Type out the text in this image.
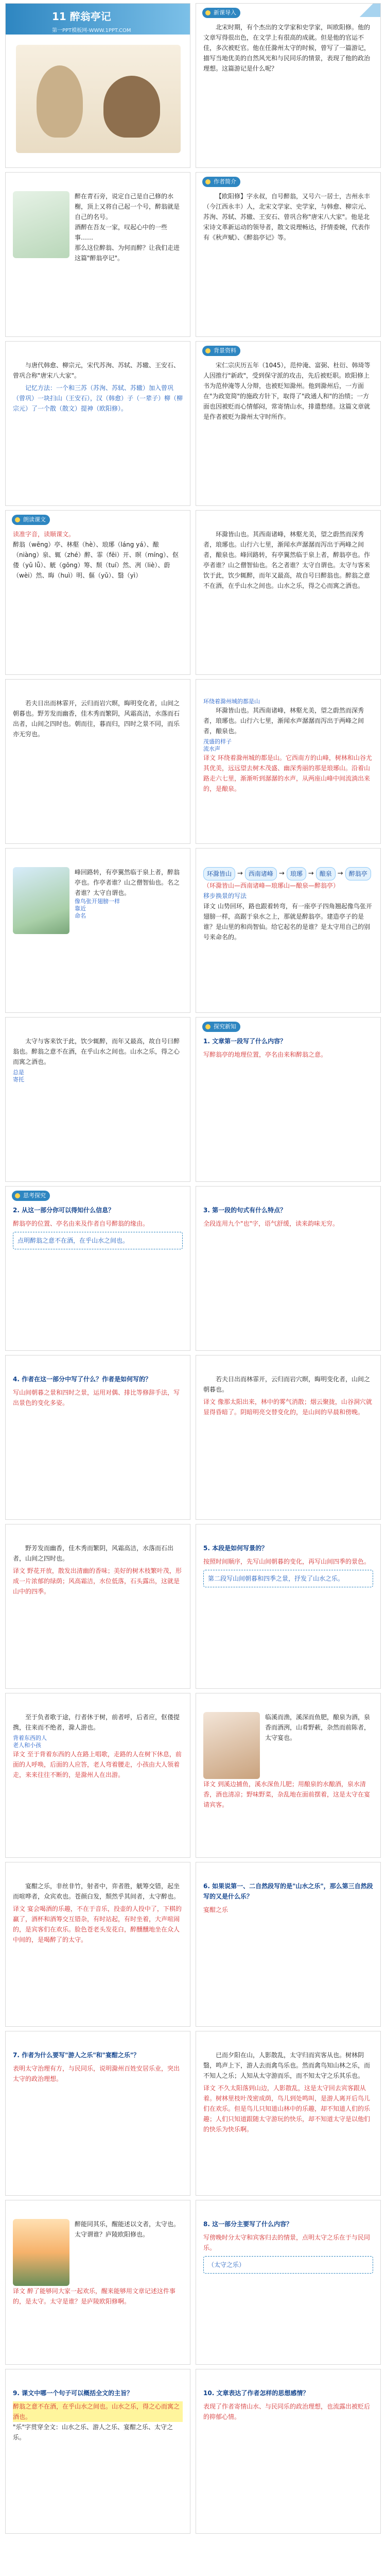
11 醉翁亭记
第一PPT模板网-WWW.1PPT.COM
新课导入

北宋时期，有个杰出的文学家和史学家，叫欧阳修。他的文章写得很出色，在文学上有很高的成就。但是他的官运不佳，多次被贬官。他在任滁州太守的时候，曾写了一篇游记，描写当地优美的自然风光和与民同乐的情景，表现了他的政治理想。这篇游记是什么呢？

醉在青石旁，说定自己是自己修的水榭，顶上又将自己起一个号，醉翁就是自己的名号。

酒醉在吾友一家，叹起心中的一些事……

那么这位醉翁、为何而醉？让我们走进这篇"醉翁亭记"。

作者简介

【欧阳修】字永叔，自号醉翁，又号六一居士，吉州永丰（今江西永丰）人，北宋文学家、史学家，与韩愈、柳宗元、苏洵、苏轼、苏辙、王安石、曾巩合称"唐宋八大家"。他是北宋诗文革新运动的领导者，散文说理畅达，抒情委婉，代表作有《秋声赋》、《醉翁亭记》等。

与唐代韩愈、柳宗元，宋代苏洵、苏轼、苏辙、王安石、曾巩合称"唐宋八大家"。

记忆方法：一个和三苏（苏洵、苏轼、苏辙）加入曾巩（曾巩）一块扫山（王安石），汉（韩愈）子（一辈子）柳（柳宗元）了一个散（散文）提神（欧阳修）。

背景资料

宋仁宗庆历五年（1045），范仲淹、富弼、杜衍、韩琦等人因推行"新政"，受到保守派的攻击，先后被贬职。欧阳修上书为范仲淹等人分辩，也被贬知滁州。他到滁州后，一方面在"为政宽简"的施政方针下，取得了"政通人和"的治绩；一方面也因被贬而心情郁闷，常寄情山水，排遣愁绪。这篇文章就是作者被贬为滁州太守时所作。

朗读课文

读准字音，读顺课文。

醉翁（wēng）亭、林壑（hè）、琅琊（láng yá）、酿（niàng）泉、辄（zhé）醉、霏（fēi）开、暝（míng）、伛偻（yǔ lǚ）、觥（gōng）筹、颓（tuí）然、冽（liè）、蔚（wèi）然、晦（huì）明、傴（yǔ）、翳（yì）

环滁皆山也。其西南诸峰，林壑尤美，望之蔚然而深秀者，琅琊也。山行六七里，渐闻水声潺潺而泻出于两峰之间者，酿泉也。峰回路转，有亭翼然临于泉上者，醉翁亭也。作亭者谁？山之僧智仙也。名之者谁？太守自谓也。太守与客来饮于此，饮少辄醉，而年又最高，故自号曰醉翁也。醉翁之意不在酒，在乎山水之间也。山水之乐，得之心而寓之酒也。

若夫日出而林霏开，云归而岩穴暝，晦明变化者，山间之朝暮也。野芳发而幽香，佳木秀而繁阴，风霜高洁，水落而石出者，山间之四时也。朝而往，暮而归，四时之景不同，而乐亦无穷也。

环绕着滁州城的都是山

环滁皆山也。其西南诸峰，林壑尤美，望之蔚然而深秀者，琅琊也。山行六七里，渐闻水声潺潺而泻出于两峰之间者，酿泉也。

茂盛的样子

流水声

译文 环绕着滁州城的都是山。它西南方的山峰，树林和山谷尤其优美，远远望去树木茂盛、幽深秀丽的那是琅琊山。沿着山路走六七里，渐渐听到潺潺的水声，从两座山峰中间流淌出来的，是酿泉。

峰回路转，有亭翼然临于泉上者，醉翁亭也。作亭者谁？山之僧智仙也。名之者谁？太守自谓也。

像鸟张开翅膀一样

靠近

命名

环滁皆山 → 西南诸峰 → 琅琊 → 酿泉 → 醉翁亭

（环滁皆山—西南诸峰—琅琊山—酿泉—醉翁亭）

移步换景的写法

译文 山势回环，路也跟着转弯，有一座亭子四角翘起像鸟张开翅膀一样，高踞于泉水之上，那就是醉翁亭。建造亭子的是谁？是山里的和尚智仙。给它起名的是谁？是太守用自己的别号来命名的。

太守与客来饮于此，饮少辄醉，而年又最高，故自号曰醉翁也。醉翁之意不在酒，在乎山水之间也。山水之乐，得之心而寓之酒也。

总是

寄托

探究新知

1. 文章第一段写了什么内容？

写醉翁亭的地理位置，亭名由来和醉翁之意。

思考探究

2. 从这一部分你可以得知什么信息？

醉翁亭的位置、亭名由来及作者自号醉翁的缘由。

点明醉翁之意不在酒，在乎山水之间也。

3. 第一段的句式有什么特点？

全段连用九个"也"字，语气舒缓，读来韵味无穷。

4. 作者在这一部分中写了什么？作者是如何写的？

写山间朝暮之景和四时之景，运用对偶、排比等修辞手法，写出景色的变化多姿。

若夫日出而林霏开，云归而岩穴暝，晦明变化者，山间之朝暮也。

译文 像那太阳出来，林中的雾气消散；烟云聚拢，山谷洞穴就显得昏暗了。阴暗明亮交替变化的，是山间的早晨和傍晚。

野芳发而幽香，佳木秀而繁阴，风霜高洁，水落而石出者，山间之四时也。

译文 野花开放，散发出清幽的香味；美好的树木枝繁叶茂，形成一片浓郁的绿荫；风高霜洁，水位低落，石头露出，这就是山中的四季。

5. 本段是如何写景的？

按照时间顺序，先写山间朝暮的变化，再写山间四季的景色。

第二段写山间朝暮和四季之景，抒发了山水之乐。

至于负者歌于途，行者休于树，前者呼，后者应，伛偻提携，往来而不绝者，滁人游也。

背着东西的人

老人和小孩

译文 至于背着东西的人在路上唱歌，走路的人在树下休息，前面的人呼唤，后面的人应答，老人弯着腰走，小孩由大人领着走，来来往往不断的，是滁州人在出游。

临溪而渔，溪深而鱼肥，酿泉为酒，泉香而酒洌，山肴野蔌，杂然而前陈者，太守宴也。

译文 到溪边捕鱼，溪水深鱼儿肥；用酿泉的水酿酒，泉水清香，酒也清凉；野味野菜，杂乱地在面前摆着，这是太守在宴请宾客。

宴酣之乐，非丝非竹，射者中，弈者胜，觥筹交错，起坐而喧哗者，众宾欢也。苍颜白发，颓然乎其间者，太守醉也。

译文 宴会喝酒的乐趣，不在于音乐，投壶的人投中了，下棋的赢了，酒杯和酒筹交互错杂，有时站起，有时坐着，大声喧闹的，是宾客们在欢乐。脸色苍老头发花白，醉醺醺地坐在众人中间的，是喝醉了的太守。

6. 如果说第一、二自然段写的是"山水之乐"，那么第三自然段写的又是什么乐？

宴酣之乐

7. 作者为什么要写"游人之乐"和"宴酣之乐"？

表明太守治理有方，与民同乐，说明滁州百姓安居乐业，突出太守的政治理想。

已而夕阳在山，人影散乱，太守归而宾客从也。树林阴翳，鸣声上下，游人去而禽鸟乐也。然而禽鸟知山林之乐，而不知人之乐；人知从太守游而乐，而不知太守之乐其乐也。

译文 不久太阳落到山边，人影散乱，这是太守回去宾客跟从着。树林里枝叶茂密成荫，鸟儿到处鸣叫，是游人离开后鸟儿们在欢乐。但是鸟儿只知道山林中的乐趣，却不知道人们的乐趣；人们只知道跟随太守游玩的快乐，却不知道太守是以他们的快乐为快乐啊。

醉能同其乐，醒能述以文者，太守也。太守谓谁？庐陵欧阳修也。

译文 醉了能够同大家一起欢乐，醒来能够用文章记述这件事的，是太守。太守是谁？是庐陵欧阳修啊。

8. 这一部分主要写了什么内容？

写傍晚时分太守和宾客归去的情景，点明太守之乐在于与民同乐。

（太守之乐）

9. 课文中哪一个句子可以概括全文的主旨？

醉翁之意不在酒，在乎山水之间也。山水之乐，得之心而寓之酒也。

"乐"字贯穿全文：山水之乐、游人之乐、宴酣之乐、太守之乐。

10. 文章表达了作者怎样的思想感情？

表现了作者寄情山水、与民同乐的政治理想，也流露出被贬后的抑郁心情。
